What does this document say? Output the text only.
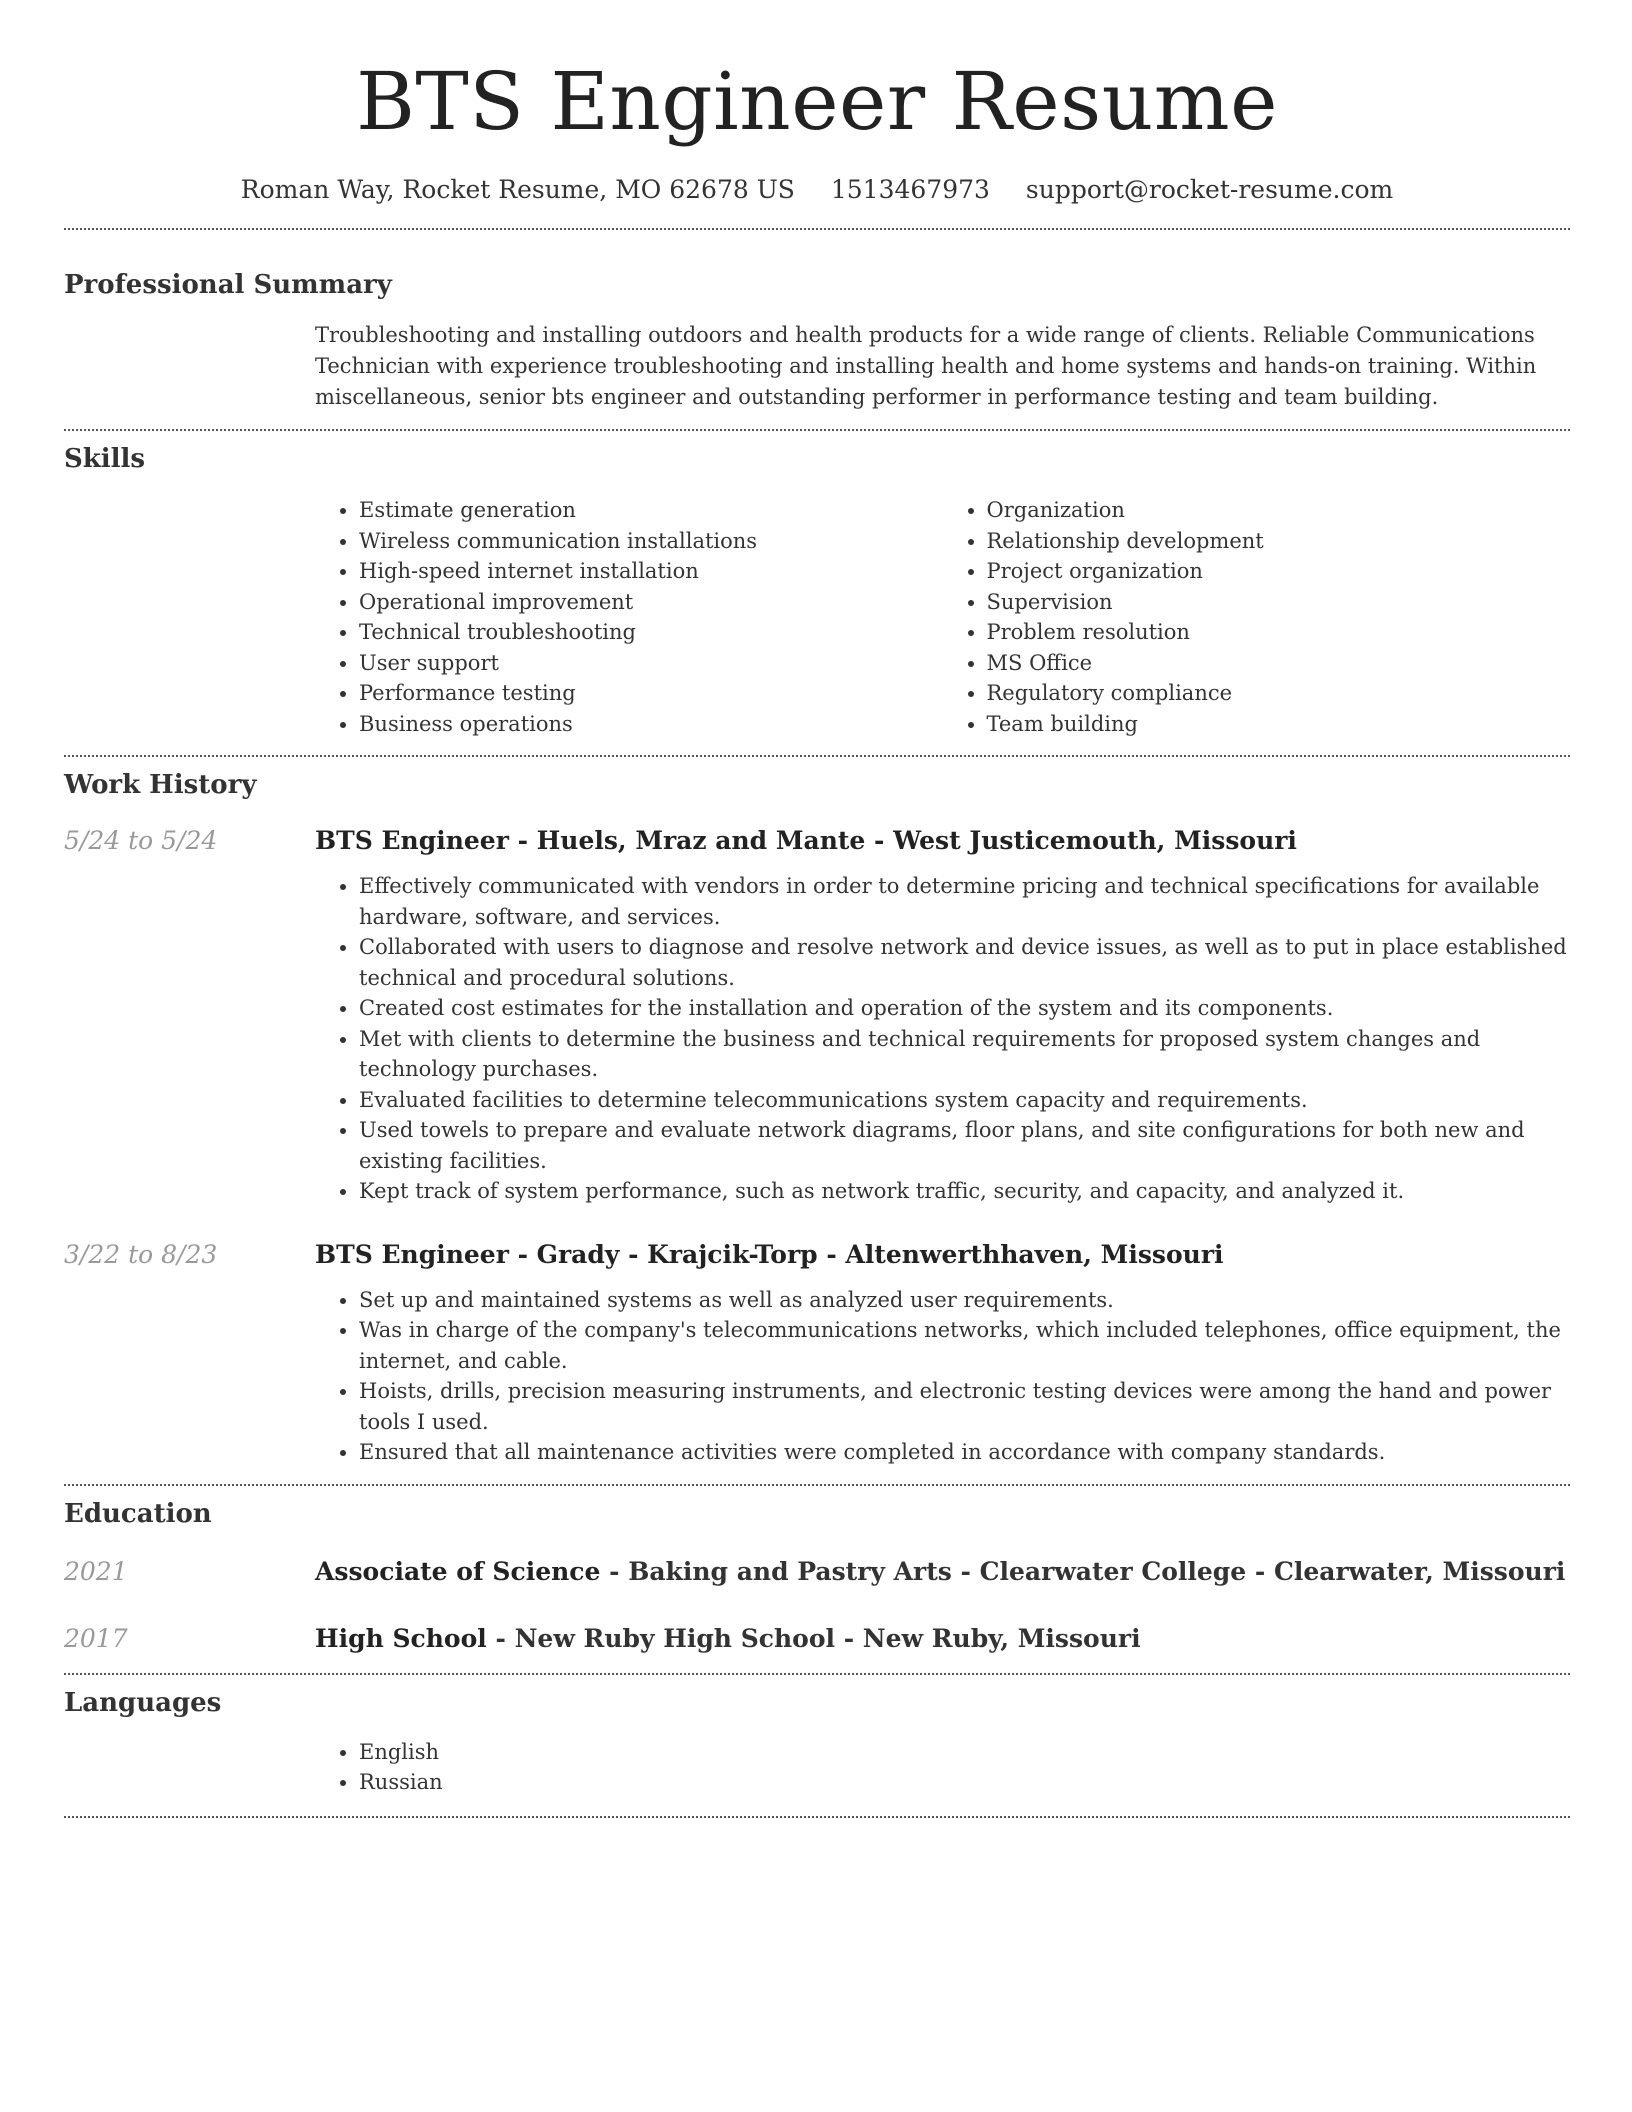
BTS Engineer Resume
Roman Way, Rocket Resume, MO 62678 US 1513467973 support@rocket-resume.com
Professional Summary

Troubleshooting and installing outdoors and health products for a wide range of clients. Reliable Communications Technician with experience troubleshooting and installing health and home systems and hands-on training. Within miscellaneous, senior bts engineer and outstanding performer in performance testing and team building.

Skills
• Estimate generation
• Wireless communication installations
• High-speed internet installation
• Operational improvement
• Technical troubleshooting
• User support
• Performance testing
• Business operations
• Organization
• Relationship development
• Project organization
• Supervision
• Problem resolution
• MS Office
• Regulatory compliance
• Team building
Work History
5/24 to 5/24	BTS Engineer - Huels, Mraz and Mante - West Justicemouth, Missouri
• Effectively communicated with vendors in order to determine pricing and technical specifications for available hardware, software, and services.
• Collaborated with users to diagnose and resolve network and device issues, as well as to put in place established technical and procedural solutions.
• Created cost estimates for the installation and operation of the system and its components.
• Met with clients to determine the business and technical requirements for proposed system changes and technology purchases.
• Evaluated facilities to determine telecommunications system capacity and requirements.
• Used towels to prepare and evaluate network diagrams, floor plans, and site configurations for both new and existing facilities.
• Kept track of system performance, such as network traffic, security, and capacity, and analyzed it.
3/22 to 8/23	BTS Engineer - Grady - Krajcik-Torp - Altenwerthhaven, Missouri
• Set up and maintained systems as well as analyzed user requirements.
• Was in charge of the company's telecommunications networks, which included telephones, office equipment, the internet, and cable.
• Hoists, drills, precision measuring instruments, and electronic testing devices were among the hand and power tools I used.
• Ensured that all maintenance activities were completed in accordance with company standards.
Education
2021	Associate of Science - Baking and Pastry Arts - Clearwater College - Clearwater, Missouri
2017	High School - New Ruby High School - New Ruby, Missouri
Languages
• English
• Russian
